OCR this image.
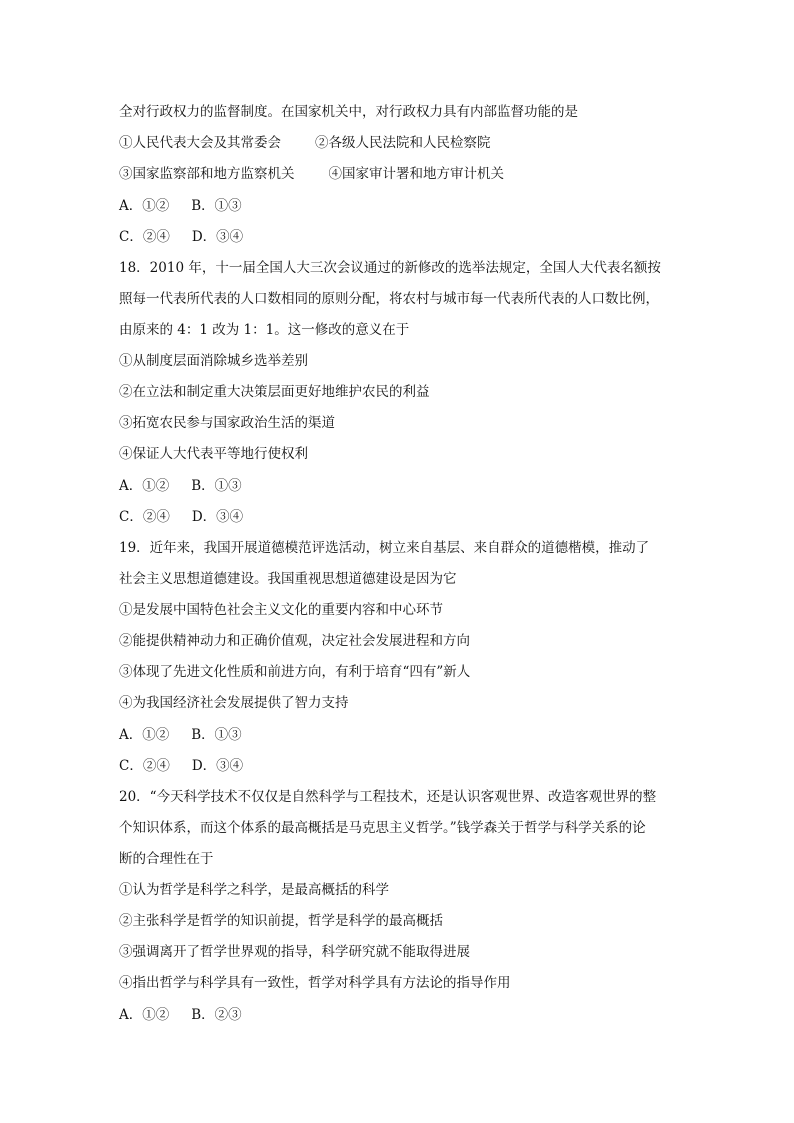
全对行政权力的监督制度。在国家机关中，对行政权力具有内部监督功能的是
①人民代表大会及其常委会	②各级人民法院和人民检察院
③国家监察部和地方监察机关	④国家审计署和地方审计机关
A．①② B．①③
C．②④ D．③④
18．2010 年，十一届全国人大三次会议通过的新修改的选举法规定，全国人大代表名额按
照每一代表所代表的人口数相同的原则分配，将农村与城市每一代表所代表的人口数比例，
由原来的 4：1 改为 1：1。这一修改的意义在于
①从制度层面消除城乡选举差别
②在立法和制定重大决策层面更好地维护农民的利益
③拓宽农民参与国家政治生活的渠道
④保证人大代表平等地行使权利
A．①② B．①③
C．②④ D．③④
19．近年来，我国开展道德模范评选活动，树立来自基层、来自群众的道德楷模，推动了
社会主义思想道德建设。我国重视思想道德建设是因为它
①是发展中国特色社会主义文化的重要内容和中心环节
②能提供精神动力和正确价值观，决定社会发展进程和方向
③体现了先进文化性质和前进方向，有利于培育“四有”新人
④为我国经济社会发展提供了智力支持
A．①② B．①③
C．②④ D．③④
20．“今天科学技术不仅仅是自然科学与工程技术，还是认识客观世界、改造客观世界的整
个知识体系，而这个体系的最高概括是马克思主义哲学。”钱学森关于哲学与科学关系的论
断的合理性在于
①认为哲学是科学之科学，是最高概括的科学
②主张科学是哲学的知识前提，哲学是科学的最高概括
③强调离开了哲学世界观的指导，科学研究就不能取得进展
④指出哲学与科学具有一致性，哲学对科学具有方法论的指导作用
A．①② B．②③
